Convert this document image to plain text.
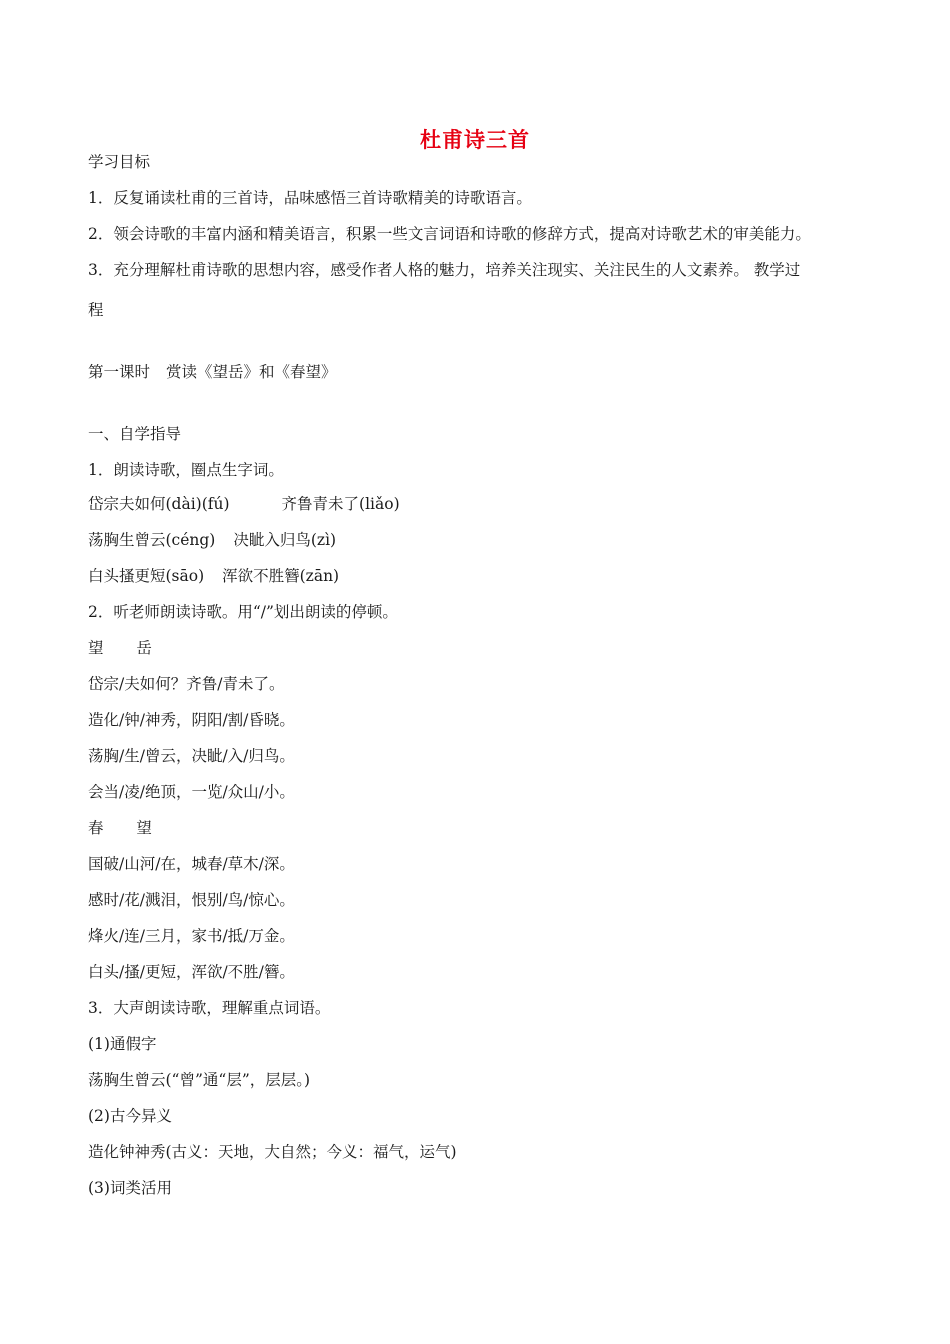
杜甫诗三首
学习目标
1．反复诵读杜甫的三首诗，品味感悟三首诗歌精美的诗歌语言。
2．领会诗歌的丰富内涵和精美语言，积累一些文言词语和诗歌的修辞方式，提高对诗歌艺术的审美能力。
3．充分理解杜甫诗歌的思想内容，感受作者人格的魅力，培养关注现实、关注民生的人文素养。 教学过
程
第一课时 赏读《望岳》和《春望》
一、自学指导
1．朗读诗歌，圈点生字词。
岱宗夫如何(dài)(fú)	齐鲁青未了(liǎo)
荡胸生曾云(céng) 决眦入归鸟(zì)
白头搔更短(sāo) 浑欲不胜簪(zān)
2．听老师朗读诗歌。用“/”划出朗读的停顿。
望 岳
岱宗/夫如何？齐鲁/青未了。
造化/钟/神秀，阴阳/割/昏晓。
荡胸/生/曾云，决眦/入/归鸟。
会当/凌/绝顶，一览/众山/小。
春 望
国破/山河/在，城春/草木/深。
感时/花/溅泪，恨别/鸟/惊心。
烽火/连/三月，家书/抵/万金。
白头/搔/更短，浑欲/不胜/簪。
3．大声朗读诗歌，理解重点词语。
(1)通假字
荡胸生曾云(“曾”通“层”，层层。)
(2)古今异义
造化钟神秀(古义：天地，大自然；今义：福气，运气)
(3)词类活用
